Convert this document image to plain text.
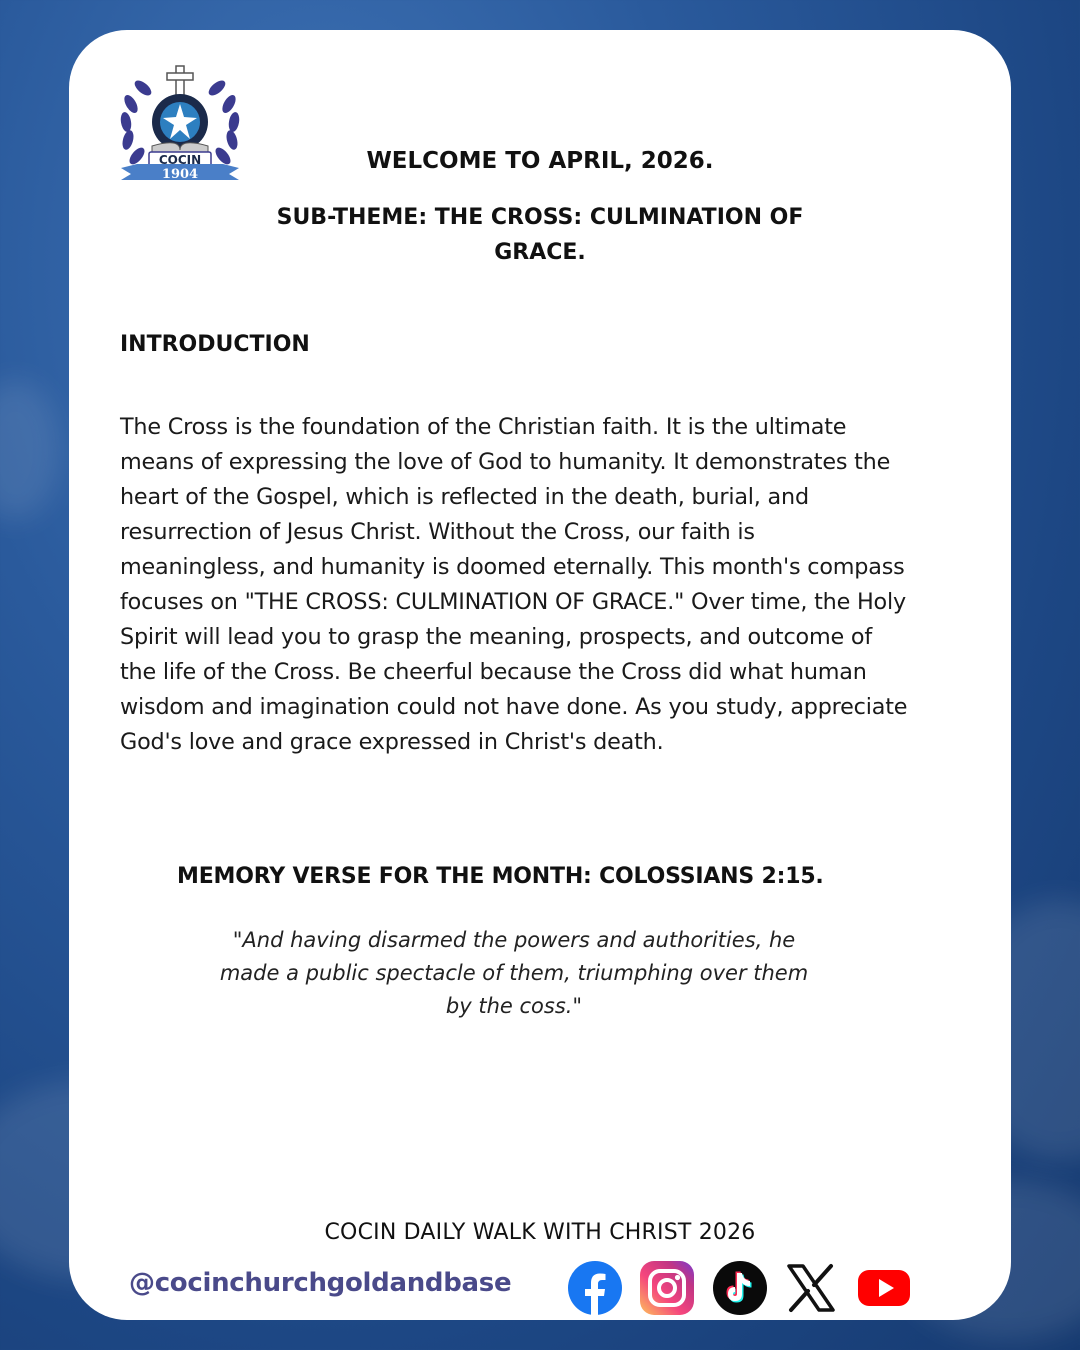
COCIN
1904
WELCOME TO APRIL, 2026.
SUB-THEME: THE CROSS: CULMINATION OF
GRACE.
INTRODUCTION
The Cross is the foundation of the Christian faith. It is the ultimate
means of expressing the love of God to humanity. It demonstrates the
heart of the Gospel, which is reflected in the death, burial, and
resurrection of Jesus Christ. Without the Cross, our faith is
meaningless, and humanity is doomed eternally. This month's compass
focuses on "THE CROSS: CULMINATION OF GRACE." Over time, the Holy
Spirit will lead you to grasp the meaning, prospects, and outcome of
the life of the Cross. Be cheerful because the Cross did what human
wisdom and imagination could not have done. As you study, appreciate
God's love and grace expressed in Christ's death.
MEMORY VERSE FOR THE MONTH: COLOSSIANS 2:15.
"And having disarmed the powers and authorities, he
made a public spectacle of them, triumphing over them
by the coss."
COCIN DAILY WALK WITH CHRIST 2026
@cocinchurchgoldandbase
